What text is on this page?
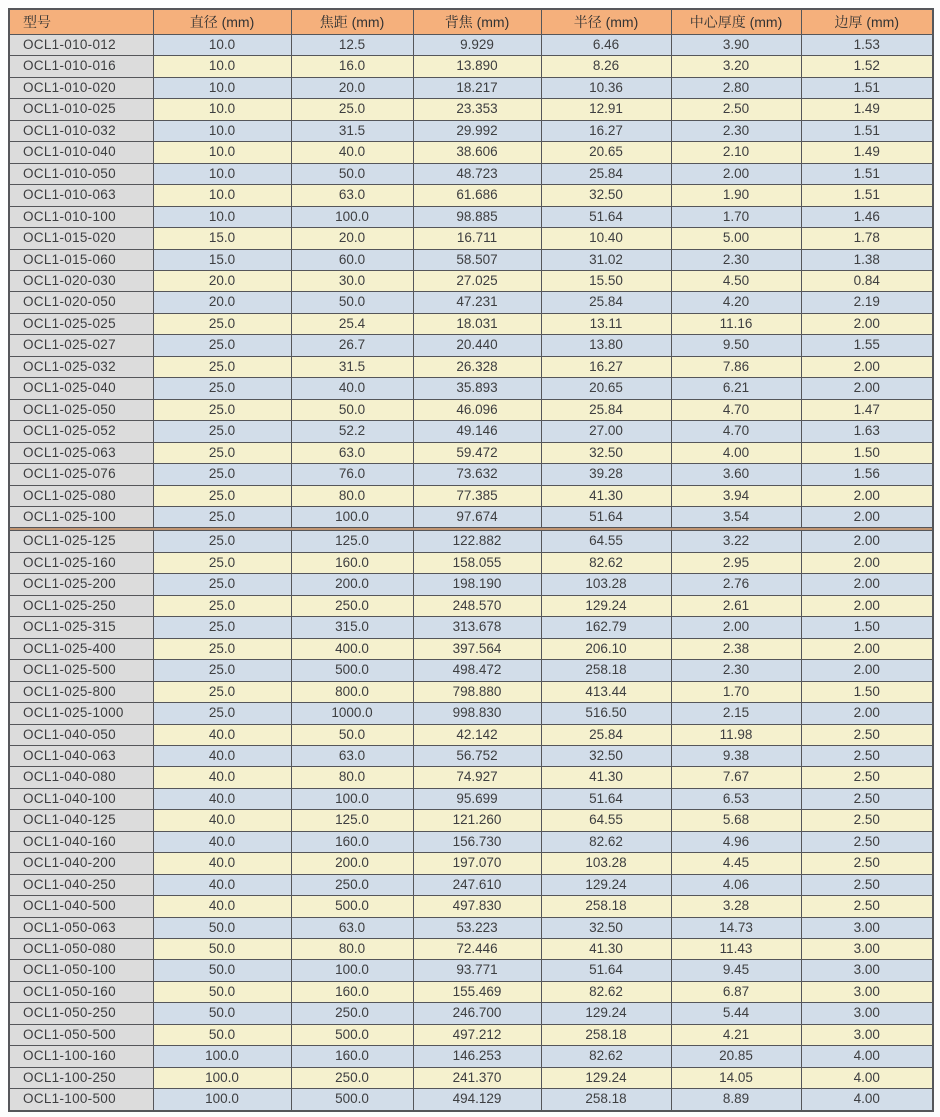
型号	直径 (mm)	焦距 (mm)	背焦 (mm)	半径 (mm)	中心厚度 (mm)	边厚 (mm)
OCL1-010-012	10.0	12.5	9.929	6.46	3.90	1.53
OCL1-010-016	10.0	16.0	13.890	8.26	3.20	1.52
OCL1-010-020	10.0	20.0	18.217	10.36	2.80	1.51
OCL1-010-025	10.0	25.0	23.353	12.91	2.50	1.49
OCL1-010-032	10.0	31.5	29.992	16.27	2.30	1.51
OCL1-010-040	10.0	40.0	38.606	20.65	2.10	1.49
OCL1-010-050	10.0	50.0	48.723	25.84	2.00	1.51
OCL1-010-063	10.0	63.0	61.686	32.50	1.90	1.51
OCL1-010-100	10.0	100.0	98.885	51.64	1.70	1.46
OCL1-015-020	15.0	20.0	16.711	10.40	5.00	1.78
OCL1-015-060	15.0	60.0	58.507	31.02	2.30	1.38
OCL1-020-030	20.0	30.0	27.025	15.50	4.50	0.84
OCL1-020-050	20.0	50.0	47.231	25.84	4.20	2.19
OCL1-025-025	25.0	25.4	18.031	13.11	11.16	2.00
OCL1-025-027	25.0	26.7	20.440	13.80	9.50	1.55
OCL1-025-032	25.0	31.5	26.328	16.27	7.86	2.00
OCL1-025-040	25.0	40.0	35.893	20.65	6.21	2.00
OCL1-025-050	25.0	50.0	46.096	25.84	4.70	1.47
OCL1-025-052	25.0	52.2	49.146	27.00	4.70	1.63
OCL1-025-063	25.0	63.0	59.472	32.50	4.00	1.50
OCL1-025-076	25.0	76.0	73.632	39.28	3.60	1.56
OCL1-025-080	25.0	80.0	77.385	41.30	3.94	2.00
OCL1-025-100	25.0	100.0	97.674	51.64	3.54	2.00

OCL1-025-125	25.0	125.0	122.882	64.55	3.22	2.00
OCL1-025-160	25.0	160.0	158.055	82.62	2.95	2.00
OCL1-025-200	25.0	200.0	198.190	103.28	2.76	2.00
OCL1-025-250	25.0	250.0	248.570	129.24	2.61	2.00
OCL1-025-315	25.0	315.0	313.678	162.79	2.00	1.50
OCL1-025-400	25.0	400.0	397.564	206.10	2.38	2.00
OCL1-025-500	25.0	500.0	498.472	258.18	2.30	2.00
OCL1-025-800	25.0	800.0	798.880	413.44	1.70	1.50
OCL1-025-1000	25.0	1000.0	998.830	516.50	2.15	2.00
OCL1-040-050	40.0	50.0	42.142	25.84	11.98	2.50
OCL1-040-063	40.0	63.0	56.752	32.50	9.38	2.50
OCL1-040-080	40.0	80.0	74.927	41.30	7.67	2.50
OCL1-040-100	40.0	100.0	95.699	51.64	6.53	2.50
OCL1-040-125	40.0	125.0	121.260	64.55	5.68	2.50
OCL1-040-160	40.0	160.0	156.730	82.62	4.96	2.50
OCL1-040-200	40.0	200.0	197.070	103.28	4.45	2.50
OCL1-040-250	40.0	250.0	247.610	129.24	4.06	2.50
OCL1-040-500	40.0	500.0	497.830	258.18	3.28	2.50
OCL1-050-063	50.0	63.0	53.223	32.50	14.73	3.00
OCL1-050-080	50.0	80.0	72.446	41.30	11.43	3.00
OCL1-050-100	50.0	100.0	93.771	51.64	9.45	3.00
OCL1-050-160	50.0	160.0	155.469	82.62	6.87	3.00
OCL1-050-250	50.0	250.0	246.700	129.24	5.44	3.00
OCL1-050-500	50.0	500.0	497.212	258.18	4.21	3.00
OCL1-100-160	100.0	160.0	146.253	82.62	20.85	4.00
OCL1-100-250	100.0	250.0	241.370	129.24	14.05	4.00
OCL1-100-500	100.0	500.0	494.129	258.18	8.89	4.00
